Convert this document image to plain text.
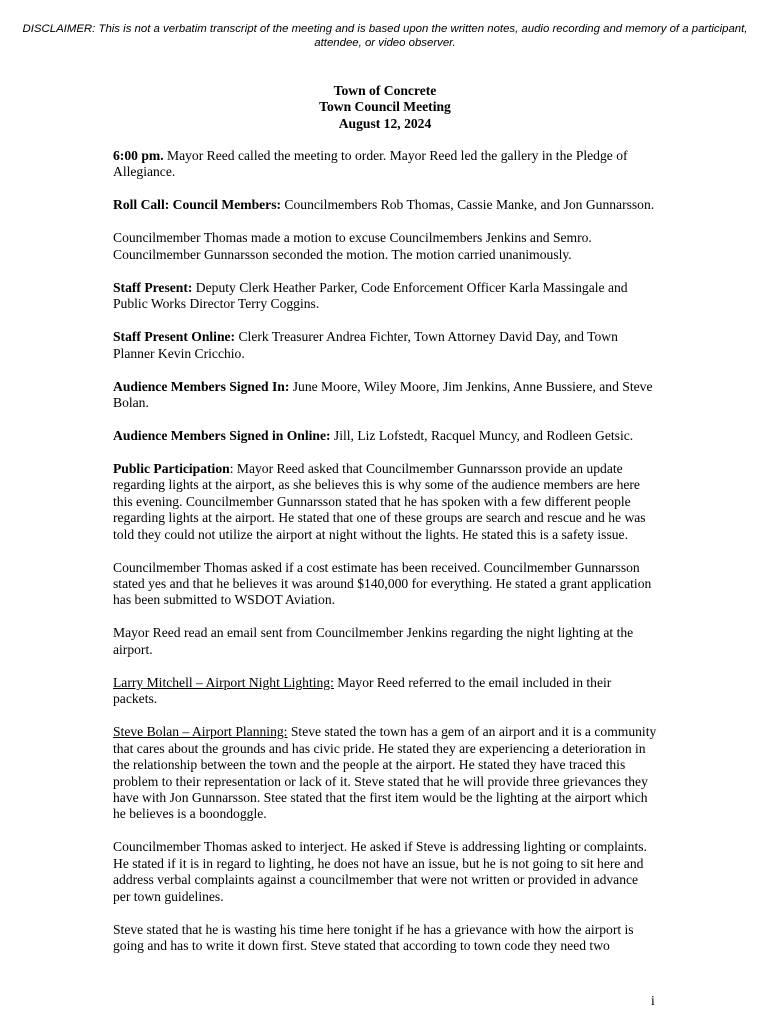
DISCLAIMER: This is not a verbatim transcript of the meeting and is based upon the written notes, audio recording and memory of a participant, attendee, or video observer.
Town of Concrete
Town Council Meeting
August 12, 2024

6:00 pm. Mayor Reed called the meeting to order. Mayor Reed led the gallery in the Pledge of Allegiance.

Roll Call: Council Members: Councilmembers Rob Thomas, Cassie Manke, and Jon Gunnarsson.

Councilmember Thomas made a motion to excuse Councilmembers Jenkins and Semro. Councilmember Gunnarsson seconded the motion. The motion carried unanimously.

Staff Present: Deputy Clerk Heather Parker, Code Enforcement Officer Karla Massingale and Public Works Director Terry Coggins.

Staff Present Online: Clerk Treasurer Andrea Fichter, Town Attorney David Day, and Town Planner Kevin Cricchio.

Audience Members Signed In: June Moore, Wiley Moore, Jim Jenkins, Anne Bussiere, and Steve Bolan.

Audience Members Signed in Online: Jill, Liz Lofstedt, Racquel Muncy, and Rodleen Getsic.

Public Participation: Mayor Reed asked that Councilmember Gunnarsson provide an update regarding lights at the airport, as she believes this is why some of the audience members are here this evening. Councilmember Gunnarsson stated that he has spoken with a few different people regarding lights at the airport. He stated that one of these groups are search and rescue and he was told they could not utilize the airport at night without the lights. He stated this is a safety issue.

Councilmember Thomas asked if a cost estimate has been received. Councilmember Gunnarsson stated yes and that he believes it was around $140,000 for everything. He stated a grant application has been submitted to WSDOT Aviation.

Mayor Reed read an email sent from Councilmember Jenkins regarding the night lighting at the airport.

Larry Mitchell – Airport Night Lighting: Mayor Reed referred to the email included in their packets.

Steve Bolan – Airport Planning: Steve stated the town has a gem of an airport and it is a community that cares about the grounds and has civic pride. He stated they are experiencing a deterioration in the relationship between the town and the people at the airport. He stated they have traced this problem to their representation or lack of it. Steve stated that he will provide three grievances they have with Jon Gunnarsson. Stee stated that the first item would be the lighting at the airport which he believes is a boondoggle.

Councilmember Thomas asked to interject. He asked if Steve is addressing lighting or complaints. He stated if it is in regard to lighting, he does not have an issue, but he is not going to sit here and address verbal complaints against a councilmember that were not written or provided in advance per town guidelines.

Steve stated that he is wasting his time here tonight if he has a grievance with how the airport is going and has to write it down first. Steve stated that according to town code they need two

i
